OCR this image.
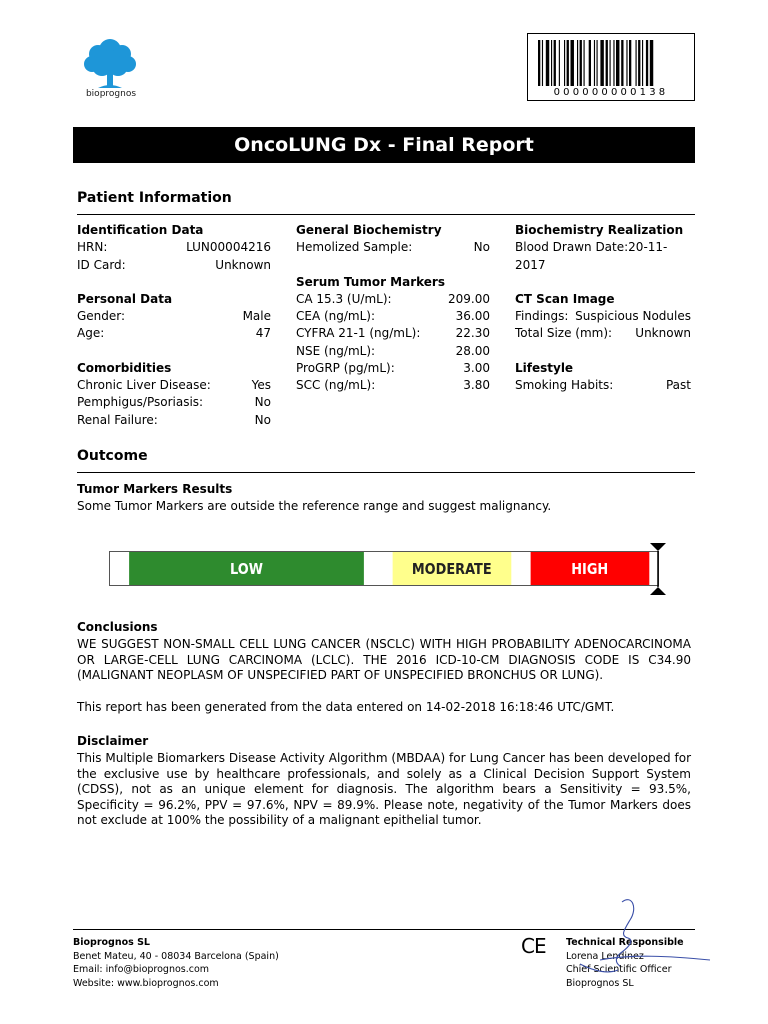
bioprognos	000000000138
OncoLUNG Dx - Final Report
Patient Information
Identification Data
HRN:	LUN00004216
ID Card:	Unknown
Personal Data
Gender:	Male
Age:	47
Comorbidities
Chronic Liver Disease:	Yes
Pemphigus/Psoriasis:	No
Renal Failure:	No
General Biochemistry
Hemolized Sample:	No
Serum Tumor Markers
CA 15.3 (U/mL):	209.00
CEA (ng/mL):	36.00
CYFRA 21-1 (ng/mL):	22.30
NSE (ng/mL):	28.00
ProGRP (pg/mL):	3.00
SCC (ng/mL):	3.80
Biochemistry Realization
Blood Drawn Date:20-11-2017
CT Scan Image
Findings: Suspicious Nodules
Total Size (mm): Unknown
Lifestyle
Smoking Habits:	Past
Outcome
Tumor Markers Results
Some Tumor Markers are outside the reference range and suggest malignancy.
LOW	MODERATE	HIGH
Conclusions
WE SUGGEST NON-SMALL CELL LUNG CANCER (NSCLC) WITH HIGH PROBABILITY ADENOCARCINOMA OR LARGE-CELL LUNG CARCINOMA (LCLC). THE 2016 ICD-10-CM DIAGNOSIS CODE IS C34.90 (MALIGNANT NEOPLASM OF UNSPECIFIED PART OF UNSPECIFIED BRONCHUS OR LUNG).
This report has been generated from the data entered on 14-02-2018 16:18:46 UTC/GMT.
Disclaimer
This Multiple Biomarkers Disease Activity Algorithm (MBDAA) for Lung Cancer has been developed for the exclusive use by healthcare professionals, and solely as a Clinical Decision Support System (CDSS), not as an unique element for diagnosis. The algorithm bears a Sensitivity = 93.5%, Specificity = 96.2%, PPV = 97.6%, NPV = 89.9%. Please note, negativity of the Tumor Markers does not exclude at 100% the possibility of a malignant epithelial tumor.
Bioprognos SL
Benet Mateu, 40 - 08034 Barcelona (Spain)
Email: info@bioprognos.com
Website: www.bioprognos.com
CE Technical Responsible
Lorena Lendinez
Chief Scientific Officer
Bioprognos SL
